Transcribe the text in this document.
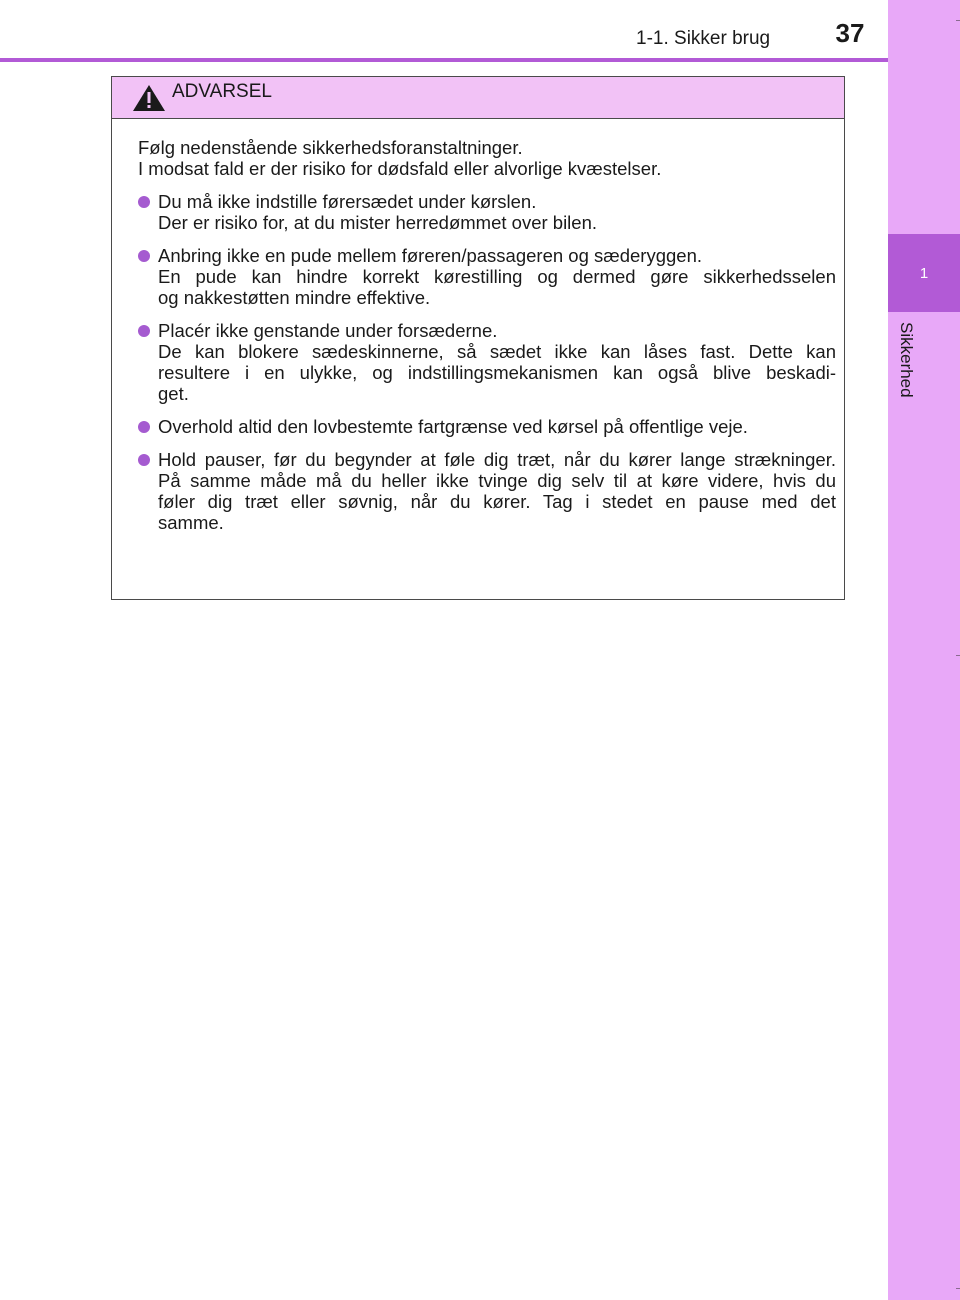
1
Sikkerhed
1-1. Sikker brug	37
ADVARSEL

Følg nedenstående sikkerhedsforanstaltninger.
I modsat fald er der risiko for dødsfald eller alvorlige kvæstelser.

Du må ikke indstille førersædet under kørslen.
Der er risiko for, at du mister herredømmet over bilen.
Anbring ikke en pude mellem føreren/passageren og sæderyggen.
En pude kan hindre korrekt kørestilling og dermed gøre sikkerhedsselen
og nakkestøtten mindre effektive.
Placér ikke genstande under forsæderne.
De kan blokere sædeskinnerne, så sædet ikke kan låses fast. Dette kan
resultere i en ulykke, og indstillingsmekanismen kan også blive beskadi-
get.
Overhold altid den lovbestemte fartgrænse ved kørsel på offentlige veje.
Hold pauser, før du begynder at føle dig træt, når du kører lange strækninger.
På samme måde må du heller ikke tvinge dig selv til at køre videre, hvis du
føler dig træt eller søvnig, når du kører. Tag i stedet en pause med det
samme.
